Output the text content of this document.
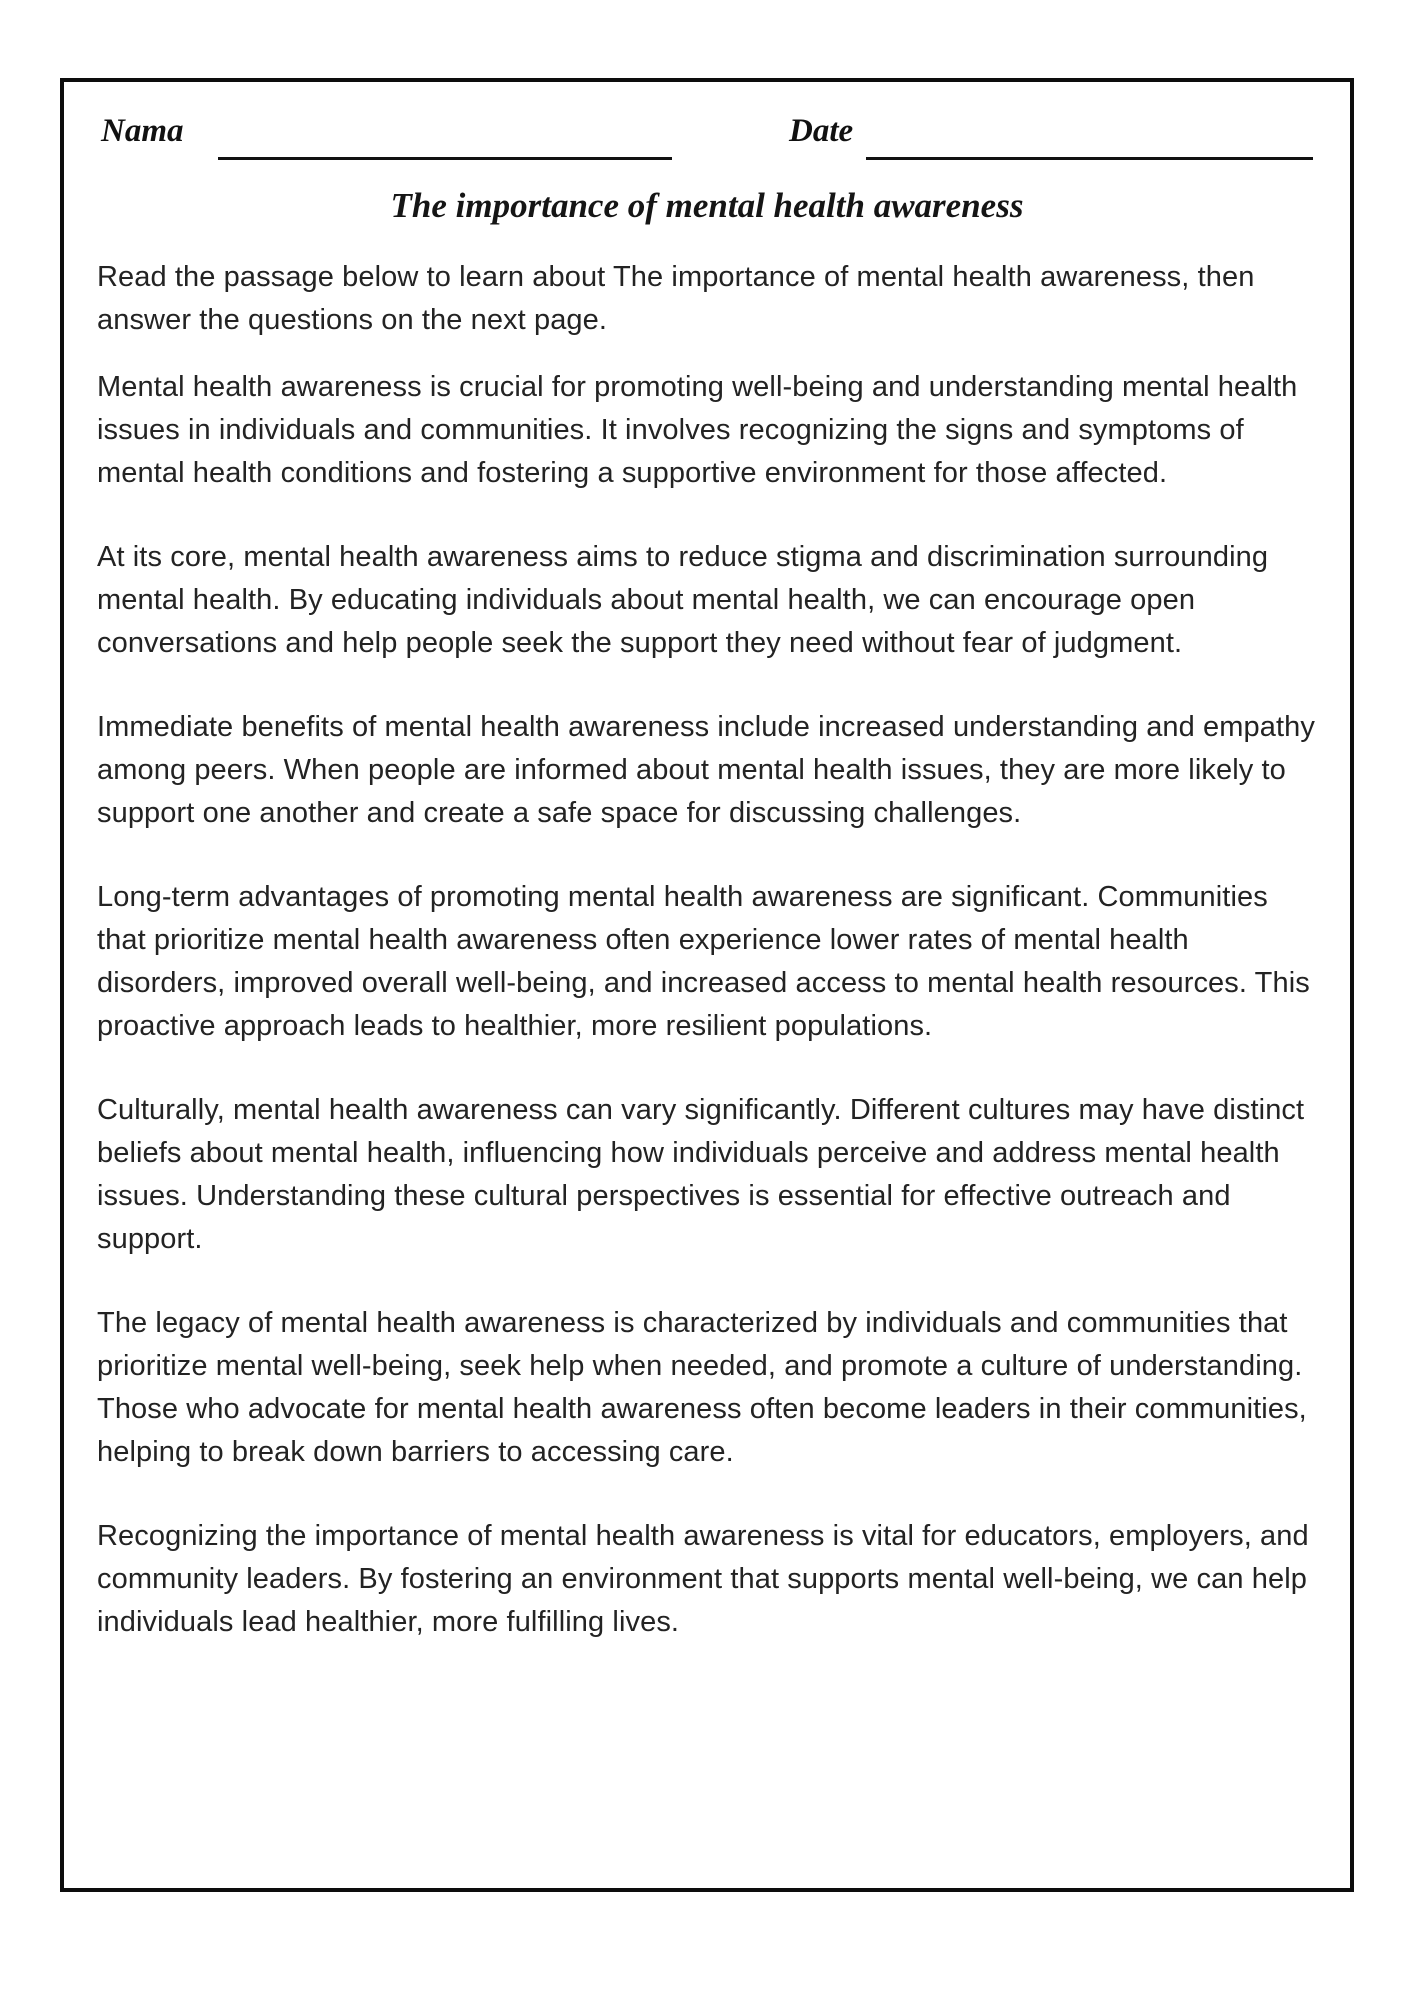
Nama	Date
The importance of mental health awareness

Read the passage below to learn about The importance of mental health awareness, then answer the questions on the next page.

Mental health awareness is crucial for promoting well-being and understanding mental health issues in individuals and communities. It involves recognizing the signs and symptoms of mental health conditions and fostering a supportive environment for those affected.

At its core, mental health awareness aims to reduce stigma and discrimination surrounding mental health. By educating individuals about mental health, we can encourage open conversations and help people seek the support they need without fear of judgment.

Immediate benefits of mental health awareness include increased understanding and empathy among peers. When people are informed about mental health issues, they are more likely to support one another and create a safe space for discussing challenges.

Long-term advantages of promoting mental health awareness are significant. Communities that prioritize mental health awareness often experience lower rates of mental health disorders, improved overall well-being, and increased access to mental health resources. This proactive approach leads to healthier, more resilient populations.

Culturally, mental health awareness can vary significantly. Different cultures may have distinct beliefs about mental health, influencing how individuals perceive and address mental health issues. Understanding these cultural perspectives is essential for effective outreach and support.

The legacy of mental health awareness is characterized by individuals and communities that prioritize mental well-being, seek help when needed, and promote a culture of understanding. Those who advocate for mental health awareness often become leaders in their communities, helping to break down barriers to accessing care.

Recognizing the importance of mental health awareness is vital for educators, employers, and community leaders. By fostering an environment that supports mental well-being, we can help individuals lead healthier, more fulfilling lives.
